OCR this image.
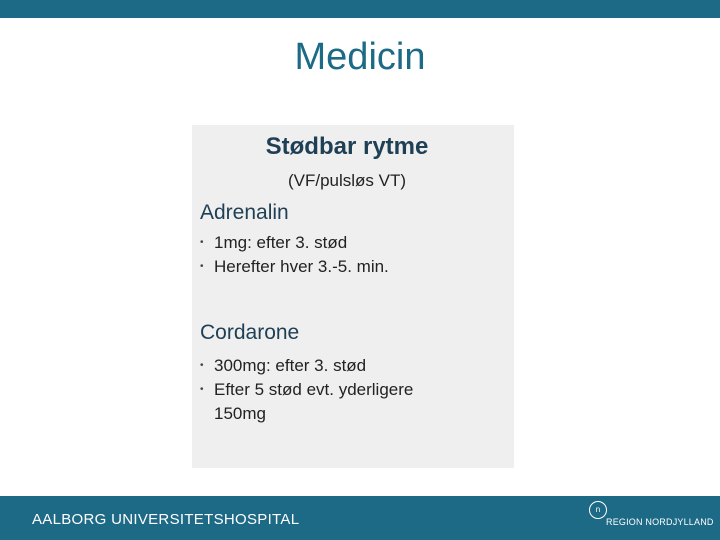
Medicin
Stødbar rytme
(VF/pulsløs VT)
Adrenalin
• 1mg: efter 3. stød
• Herefter hver 3.-5. min.
Cordarone
• 300mg: efter 3. stød
• Efter 5 stød evt. yderligere 150mg
AALBORG UNIVERSITETSHOSPITAL
n
REGION NORDJYLLAND
